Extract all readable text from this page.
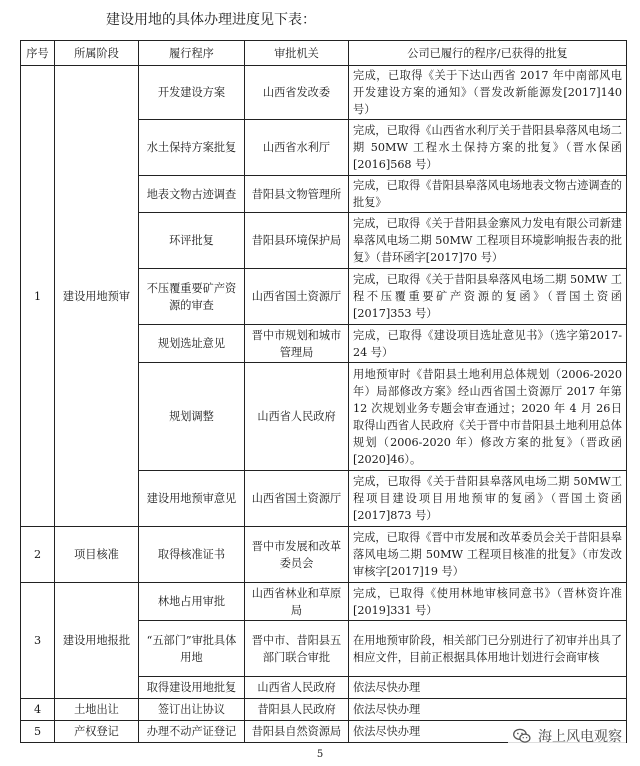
建设用地的具体办理进度见下表：
序号	所属阶段	履行程序	审批机关	公司已履行的程序/已获得的批复
1	建设用地预审	开发建设方案	山西省发改委	完成，已取得《关于下达山西省 2017 年中南部风电开发建设方案的通知》（晋发改新能源发[2017]140 号）
		水土保持方案批复	山西省水利厅	完成，已取得《山西省水利厅关于昔阳县皋落风电场二期 50MW 工程水土保持方案的批复》（晋水保函[2016]568 号）
		地表文物古迹调查	昔阳县文物管理所	完成，已取得《昔阳县皋落风电场地表文物古迹调查的批复》
		环评批复	昔阳县环境保护局	完成，已取得《关于昔阳县金寨风力发电有限公司新建皋落风电场二期 50MW 工程项目环境影响报告表的批复》（昔环函字[2017]70 号）
		不压覆重要矿产资源的审查	山西省国土资源厅	完成，已取得《关于昔阳县皋落风电场二期 50MW 工程不压覆重要矿产资源的复函》（晋国土资函[2017]353 号）
		规划选址意见	晋中市规划和城市管理局	完成，已取得《建设项目选址意见书》（选字第2017-24 号）
		规划调整	山西省人民政府	用地预审时《昔阳县土地利用总体规划（2006-2020年）局部修改方案》经山西省国土资源厅 2017 年第 12 次规划业务专题会审查通过；2020 年 4 月 26日取得山西省人民政府《关于晋中市昔阳县土地利用总体规划（2006-2020 年）修改方案的批复》（晋政函[2020]46）。
		建设用地预审意见	山西省国土资源厅	完成，已取得《关于昔阳县皋落风电场二期 50MW工程项目建设项目用地预审的复函》（晋国土资函[2017]873 号）
2	项目核准	取得核准证书	晋中市发展和改革委员会	完成，已取得《晋中市发展和改革委员会关于昔阳县皋落风电场二期 50MW 工程项目核准的批复》（市发改审核字[2017]19 号）
3	建设用地报批	林地占用审批	山西省林业和草原局	完成，已取得《使用林地审核同意书》（晋林资许准[2019]331 号）
		“五部门”审批具体用地	晋中市、昔阳县五部门联合审批	在用地预审阶段，相关部门已分别进行了初审并出具了相应文件，目前正根据具体用地计划进行会商审核
		取得建设用地批复	山西省人民政府	依法尽快办理
4	土地出让	签订出让协议	昔阳县人民政府	依法尽快办理
5	产权登记	办理不动产证登记	昔阳县自然资源局	依法尽快办理	海上风电观察
5
